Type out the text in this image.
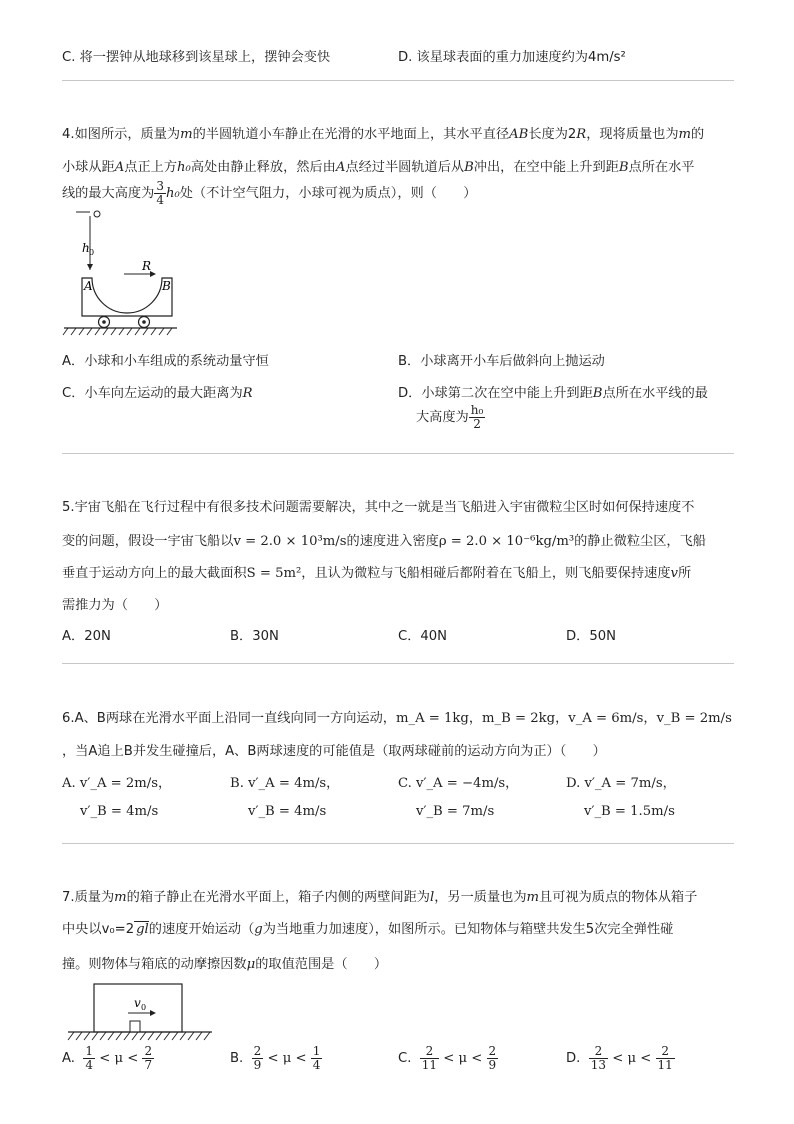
C. 将一摆钟从地球移到该星球上，摆钟会变快	D. 该星球表面的重力加速度约为4m/s²
4.如图所示，质量为m的半圆轨道小车静止在光滑的水平地面上，其水平直径AB长度为2R，现将质量也为m的
小球从距A点正上方h₀高处由静止释放，然后由A点经过半圆轨道后从B冲出，在空中能上升到距B点所在水平
线的最大高度为 $\frac{3}{4} h_0$处（不计空气阻力，小球可视为质点），则（　　）
h 0
R
A	B
A．小球和小车组成的系统动量守恒	B．小球离开小车后做斜向上抛运动
C．小车向左运动的最大距离为R	D．小球第二次在空中能上升到距B点所在水平线的最
大高度为 $\frac{\text{h₀}}{2}$
5.宇宙飞船在飞行过程中有很多技术问题需要解决，其中之一就是当飞船进入宇宙微粒尘区时如何保持速度不
变的问题，假设一宇宙飞船以v = 2.0 × 10³m/s的速度进入密度ρ = 2.0 × 10⁻⁶kg/m³的静止微粒尘区，飞船
垂直于运动方向上的最大截面积S = 5m²，且认为微粒与飞船相碰后都附着在飞船上，则飞船要保持速度v所
需推力为（　　）
A．20N	B．30N	C．40N	D．50N
6.A、B两球在光滑水平面上沿同一直线向同一方向运动，m_A = 1kg，m_B = 2kg，v_A = 6m/s，v_B = 2m/s
，当A追上B并发生碰撞后，A、B两球速度的可能值是（取两球碰前的运动方向为正）（　　）
A. v′_A = 2m/s，
v′_B = 4m/s
B. v′_A = 4m/s，
v′_B = 4m/s
C. v′_A = −4m/s，
v′_B = 7m/s
D. v′_A = 7m/s，
v′_B = 1.5m/s
7.质量为m的箱子静止在光滑水平面上，箱子内侧的两壁间距为l，另一质量也为m且可视为质点的物体从箱子
中央以v₀=2 gl的速度开始运动（g为当地重力加速度），如图所示。已知物体与箱壁共发生5次完全弹性碰
撞。则物体与箱底的动摩擦因数μ的取值范围是（　　）
v 0
A. $\frac{1}{4} < \mu < \frac{2}{7}$	B. $\frac{2}{9} < \mu < \frac{1}{4}$	C. $\frac{2}{11} < \mu < \frac{2}{9}$	D. $\frac{2}{13} < \mu < \frac{2}{11}$
